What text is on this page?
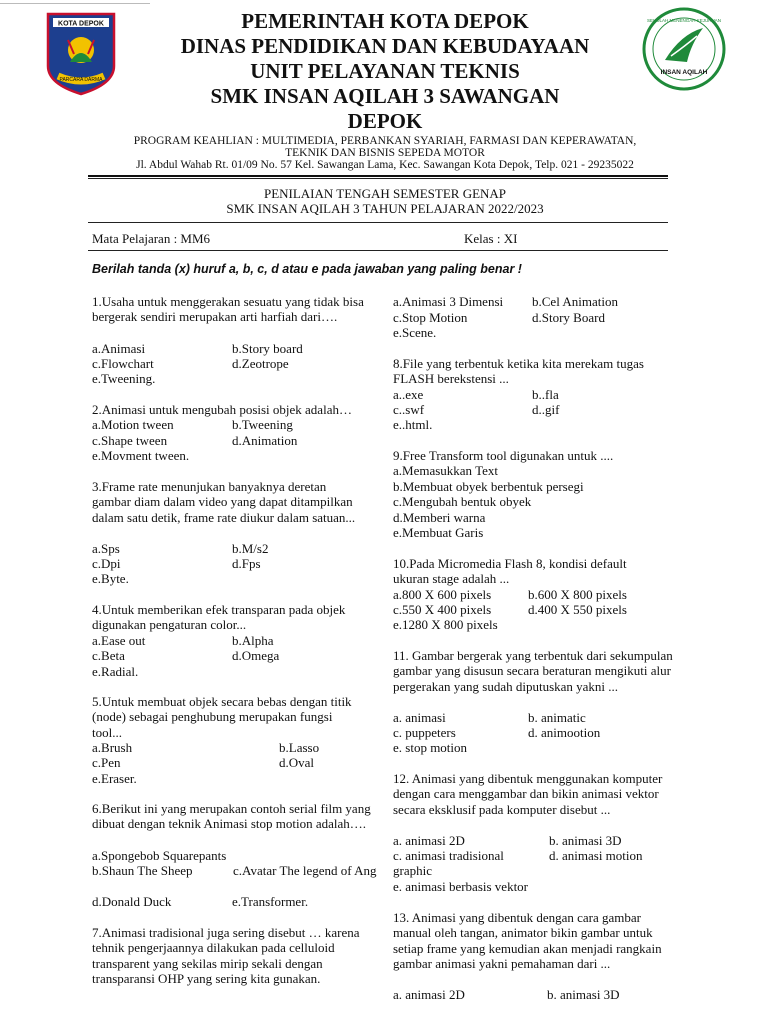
KOTA DEPOK
PARCARA DARMA
SEKOLAH MENENGAH KEJURUAN
INSAN AQILAH
PEMERINTAH KOTA DEPOK
DINAS PENDIDIKAN DAN KEBUDAYAAN
UNIT PELAYANAN TEKNIS
SMK INSAN AQILAH 3 SAWANGAN
DEPOK
PROGRAM KEAHLIAN : MULTIMEDIA, PERBANKAN SYARIAH, FARMASI DAN KEPERAWATAN,
TEKNIK DAN BISNIS SEPEDA MOTOR
Jl. Abdul Wahab Rt. 01/09 No. 57 Kel. Sawangan Lama, Kec. Sawangan Kota Depok, Telp. 021 - 29235022
PENILAIAN TENGAH SEMESTER GENAP
SMK INSAN AQILAH 3 TAHUN PELAJARAN 2022/2023
Mata Pelajaran : MM6	Kelas : XI
Berilah tanda (x) huruf a, b, c, d atau e pada jawaban yang paling benar !
1.Usaha untuk menggerakan sesuatu yang tidak bisa bergerak sendiri merupakan arti harfiah dari….
a.Animasi	b.Story board
c.Flowchart	d.Zeotrope
e.Tweening.
2.Animasi untuk mengubah posisi objek adalah…
a.Motion tween	b.Tweening
c.Shape tween	d.Animation
e.Movment tween.
3.Frame rate menunjukan banyaknya deretan gambar diam dalam video yang dapat ditampilkan dalam satu detik, frame rate diukur dalam satuan...
a.Sps	b.M/s2
c.Dpi	d.Fps
e.Byte.
4.Untuk memberikan efek transparan pada objek digunakan pengaturan color...
a.Ease out	b.Alpha
c.Beta	d.Omega
e.Radial.
5.Untuk membuat objek secara bebas dengan titik (node) sebagai penghubung merupakan fungsi tool...
a.Brush	b.Lasso
c.Pen	d.Oval
e.Eraser.
6.Berikut ini yang merupakan contoh serial film yang dibuat dengan teknik Animasi stop motion adalah….
a.Spongebob Squarepants
b.Shaun The Sheep	c.Avatar The legend of Ang
d.Donald Duck	e.Transformer.
7.Animasi tradisional juga sering disebut … karena tehnik pengerjaannya dilakukan pada celluloid transparent yang sekilas mirip sekali dengan transparansi OHP yang sering kita gunakan.
a.Animasi 3 Dimensi b.Cel Animation
c.Stop Motion	d.Story Board
e.Scene.
8.File yang terbentuk ketika kita merekam tugas FLASH berekstensi ...
a..exe	b..fla
c..swf	d..gif
e..html.
9.Free Transform tool digunakan untuk ....
a.Memasukkan Text
b.Membuat obyek berbentuk persegi
c.Mengubah bentuk obyek
d.Memberi warna
e.Membuat Garis
10.Pada Micromedia Flash 8, kondisi default ukuran stage adalah ...
a.800 X 600 pixels	b.600 X 800 pixels
c.550 X 400 pixels	d.400 X 550 pixels
e.1280 X 800 pixels
11. Gambar bergerak yang terbentuk dari sekumpulan gambar yang disusun secara beraturan mengikuti alur pergerakan yang sudah diputuskan yakni ...
a. animasi	b. animatic
c. puppeters	d. animootion
e. stop motion
12. Animasi yang dibentuk menggunakan komputer dengan cara menggambar dan bikin animasi vektor secara eksklusif pada komputer disebut ...
a. animasi 2D	b. animasi 3D
c. animasi tradisional	d. animasi motion graphic
e. animasi berbasis vektor
13. Animasi yang dibentuk dengan cara gambar manual oleh tangan, animator bikin gambar untuk setiap frame yang kemudian akan menjadi rangkain gambar animasi yakni pemahaman dari ...
a. animasi 2D	b. animasi 3D
